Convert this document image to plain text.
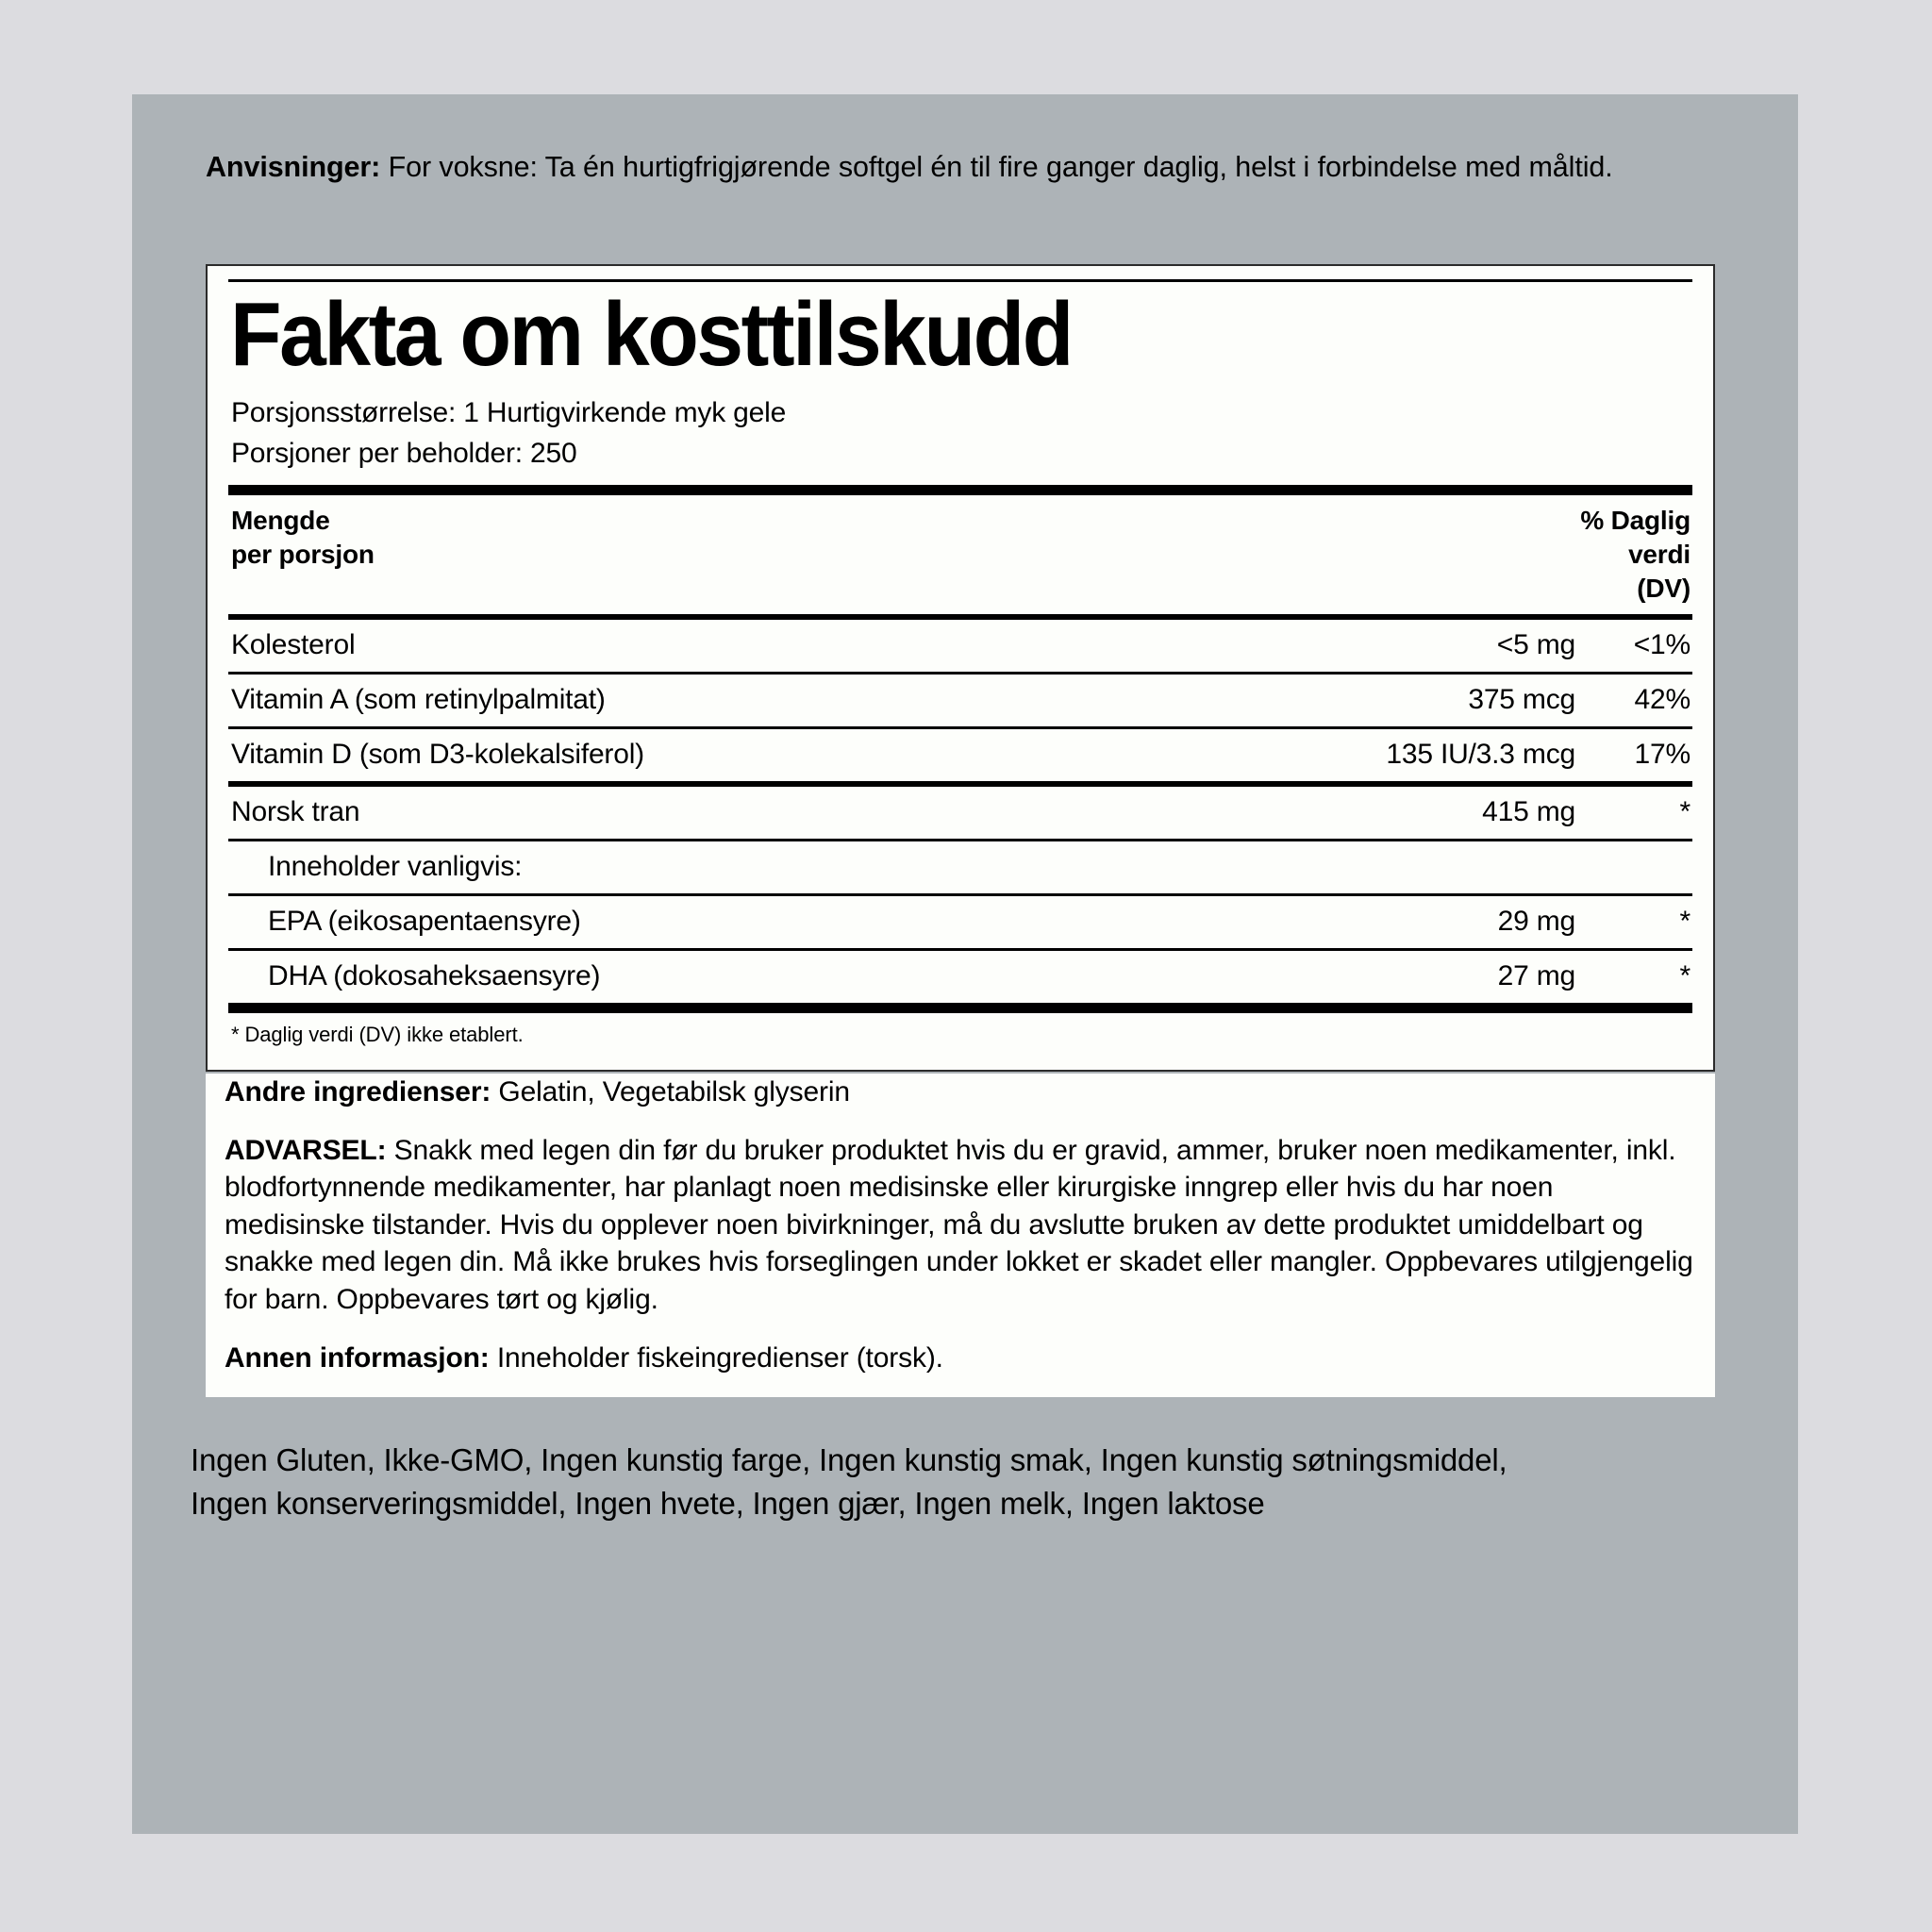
Anvisninger: For voksne: Ta én hurtigfrigjørende softgel én til fire ganger daglig, helst i forbindelse med måltid.
Fakta om kosttilskudd
Porsjonsstørrelse: 1 Hurtigvirkende myk gele
Porsjoner per beholder: 250
Mengde
per porsjon
% Daglig
verdi
(DV)
Kolesterol	<5 mg	<1%
Vitamin A (som retinylpalmitat)	375 mcg	42%
Vitamin D (som D3-kolekalsiferol)	135 IU/3.3 mcg	17%
Norsk tran	415 mg	*
Inneholder vanligvis:
EPA (eikosapentaensyre)	29 mg	*
DHA (dokosaheksaensyre)	27 mg	*
* Daglig verdi (DV) ikke etablert.

Andre ingredienser: Gelatin, Vegetabilsk glyserin

ADVARSEL: Snakk med legen din før du bruker produktet hvis du er gravid, ammer, bruker noen medikamenter, inkl. blodfortynnende medikamenter, har planlagt noen medisinske eller kirurgiske inngrep eller hvis du har noen medisinske tilstander. Hvis du opplever noen bivirkninger, må du avslutte bruken av dette produktet umiddelbart og snakke med legen din. Må ikke brukes hvis forseglingen under lokket er skadet eller mangler. Oppbevares utilgjengelig for barn. Oppbevares tørt og kjølig.

Annen informasjon: Inneholder fiskeingredienser (torsk).

Ingen Gluten, Ikke-GMO, Ingen kunstig farge, Ingen kunstig smak, Ingen kunstig søtningsmiddel,
Ingen konserveringsmiddel, Ingen hvete, Ingen gjær, Ingen melk, Ingen laktose
